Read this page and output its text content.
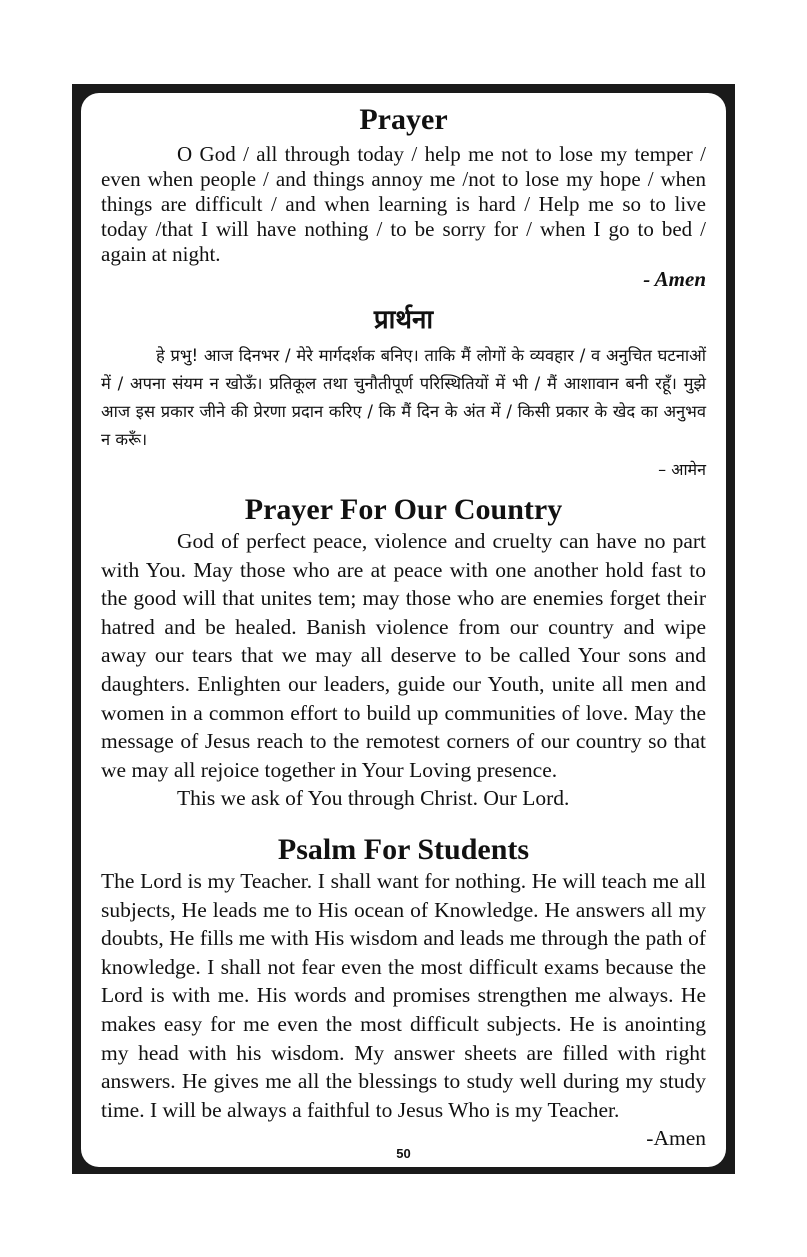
Prayer

O God / all through today / help me not to lose my temper / even when people / and things annoy me /not to lose my hope / when things are difficult / and when learning is hard / Help me so to live today /that I will have nothing / to be sorry for / when I go to bed / again at night.

- Amen

प्रार्थना

हे प्रभु! आज दिनभर / मेरे मार्गदर्शक बनिए। ताकि मैं लोगों के व्यवहार / व अनुचित घटनाओं में / अपना संयम न खोऊँ। प्रतिकूल तथा चुनौतीपूर्ण परिस्थितियों में भी / मैं आशावान बनी रहूँ। मुझे आज इस प्रकार जीने की प्रेरणा प्रदान करिए / कि मैं दिन के अंत में / किसी प्रकार के खेद का अनुभव न करूँ।

– आमेन

Prayer For Our Country

God of perfect peace, violence and cruelty can have no part with You. May those who are at peace with one another hold fast to the good will that unites tem; may those who are enemies forget their hatred and be healed. Banish violence from our country and wipe away our tears that we may all deserve to be called Your sons and daughters. Enlighten our leaders, guide our Youth, unite all men and women in a common effort to build up communities of love. May the message of Jesus reach to the remotest corners of our country so that we may all rejoice together in Your Loving presence.

This we ask of You through Christ. Our Lord.

Psalm For Students

The Lord is my Teacher. I shall want for nothing. He will teach me all subjects, He leads me to His ocean of Knowledge. He answers all my doubts, He fills me with His wisdom and leads me through the path of knowledge. I shall not fear even the most difficult exams because the Lord is with me. His words and promises strengthen me always. He makes easy for me even the most difficult subjects. He is anointing my head with his wisdom. My answer sheets are filled with right answers. He gives me all the blessings to study well during my study time. I will be always a faithful to Jesus Who is my Teacher.

-Amen

50
